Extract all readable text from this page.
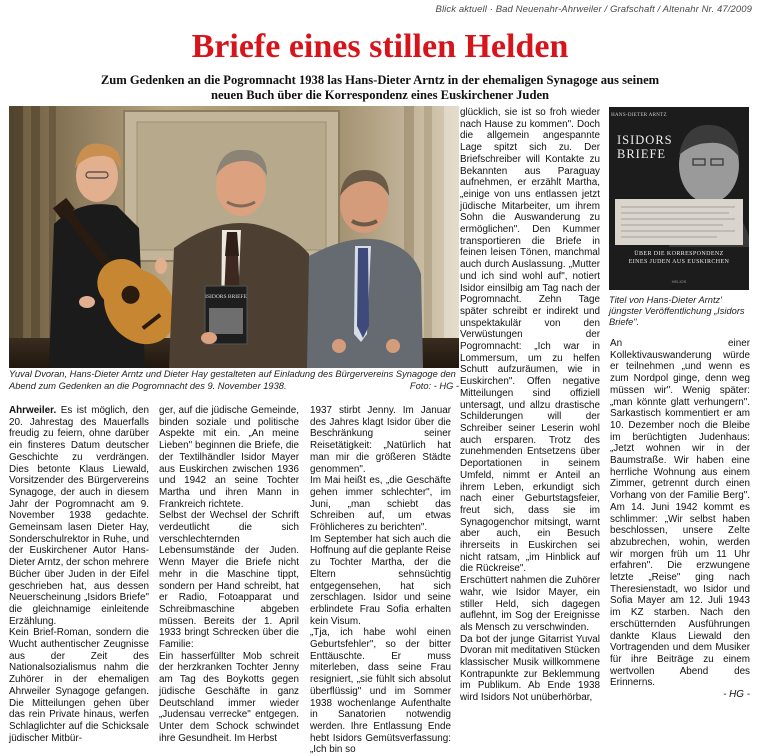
Blick aktuell · Bad Neuenahr-Ahrweiler / Grafschaft / Altenahr Nr. 47/2009
Briefe eines stillen Helden
Zum Gedenken an die Pogromnacht 1938 las Hans-Dieter Arntz in der ehemaligen Synagoge aus seinem neuen Buch über die Korrespondenz eines Euskirchener Juden
ISIDORS BRIEFE
Yuval Dvoran, Hans-Dieter Arntz und Dieter Hay gestalteten auf Einladung des Bürgervereins Synagoge den Abend zum Gedenken an die Pogromnacht des 9. November 1938.	Foto: - HG -

Ahrweiler. Es ist möglich, den 20. Jahrestag des Mauerfalls freudig zu feiern, ohne darüber ein finsteres Datum deutscher Geschichte zu verdrängen. Dies betonte Klaus Liewald, Vorsitzender des Bürgervereins Synagoge, der auch in diesem Jahr der Pogromnacht am 9. November 1938 gedachte. Gemeinsam lasen Dieter Hay, Sonderschulrektor in Ruhe, und der Euskirchener Autor Hans-Dieter Arntz, der schon mehrere Bücher über Juden in der Eifel geschrieben hat, aus dessen Neuerscheinung „Isidors Briefe" die gleichnamige einleitende Erzählung.

Kein Brief-Roman, sondern die Wucht authentischer Zeugnisse aus der Zeit des Nationalsozialismus nahm die Zuhörer in der ehemaligen Ahrweiler Synagoge gefangen. Die Mitteilungen gehen über das rein Private hinaus, werfen Schlaglichter auf die Schicksale jüdischer Mitbür-

ger, auf die jüdische Gemeinde, binden soziale und politische Aspekte mit ein. „An meine Lieben" beginnen die Briefe, die der Textilhändler Isidor Mayer aus Euskirchen zwischen 1936 und 1942 an seine Tochter Martha und ihren Mann in Frankreich richtete.

Selbst der Wechsel der Schrift verdeutlicht die sich verschlechternden Lebensumstände der Juden. Wenn Mayer die Briefe nicht mehr in die Maschine tippt, sondern per Hand schreibt, hat er Radio, Fotoapparat und Schreibmaschine abgeben müssen. Bereits der 1. April 1933 bringt Schrecken über die Familie:

Ein hasserfüllter Mob schreit der herzkranken Tochter Jenny am Tag des Boykotts gegen jüdische Geschäfte in ganz Deutschland immer wieder „Judensau verrecke" entgegen. Unter dem Schock schwindet ihre Gesundheit. Im Herbst

1937 stirbt Jenny. Im Januar des Jahres klagt Isidor über die Beschränkung seiner Reisetätigkeit: „Natürlich hat man mir die größeren Städte genommen".

Im Mai heißt es, „die Geschäfte gehen immer schlechter", im Juni, „man schiebt das Schreiben auf, um etwas Fröhlicheres zu berichten".

Im September hat sich auch die Hoffnung auf die geplante Reise zu Tochter Martha, der die Eltern sehnsüchtig entgegensehen, hat sich zerschlagen. Isidor und seine erblindete Frau Sofia erhalten kein Visum.

„Tja, ich habe wohl einen Geburtsfehler", so der bitter Enttäuschte. Er muss miterleben, dass seine Frau resigniert, „sie fühlt sich absolut überflüssig" und im Sommer 1938 wochenlange Aufenthalte in Sanatorien notwendig werden. Ihre Entlassung Ende hebt Isidors Gemütsverfassung: „Ich bin so

glücklich, sie ist so froh wieder nach Hause zu kommen". Doch die allgemein angespannte Lage spitzt sich zu. Der Briefschreiber will Kontakte zu Bekannten aus Paraguay aufnehmen, er erzählt Martha, „einige von uns entlassen jetzt jüdische Mitarbeiter, um ihrem Sohn die Auswanderung zu ermöglichen". Den Kummer transportieren die Briefe in feinen leisen Tönen, manchmal auch durch Auslassung. „Mutter und ich sind wohl auf", notiert Isidor einsilbig am Tag nach der Pogromnacht. Zehn Tage später schreibt er indirekt und unspektakulär von den Verwüstungen der Pogromnacht: „Ich war in Lommersum, um zu helfen Schutt aufzuräumen, wie in Euskirchen". Offen negative Mitteilungen sind offiziell untersagt, und allzu drastische Schilderungen will der Schreiber seiner Leserin wohl auch ersparen. Trotz des zunehmenden Entsetzens über Deportationen in seinem Umfeld, nimmt er Anteil an ihrem Leben, erkundigt sich nach einer Geburtstagsfeier, freut sich, dass sie im Synagogenchor mitsingt, warnt aber auch, ein Besuch ihrerseits in Euskirchen sei nicht ratsam, „im Hinblick auf die Rückreise".

Erschüttert nahmen die Zuhörer wahr, wie Isidor Mayer, ein stiller Held, sich dagegen auflehnt, im Sog der Ereignisse als Mensch zu verschwinden.

Da bot der junge Gitarrist Yuval Dvoran mit meditativen Stücken klassischer Musik willkommene Kontrapunkte zur Beklemmung im Publikum. Ab Ende 1938 wird Isidors Not unüberhörbar,

HANS-DIETER ARNTZ
ISIDORS
BRIEFE
ÜBER DIE KORRESPONDENZ
EINES JUDEN AUS EUSKIRCHEN
HELIOS
Titel von Hans-Dieter Arntz' jüngster Veröffentlichung „Isidors Briefe".

An einer Kollektivauswanderung würde er teilnehmen „und wenn es zum Nordpol ginge, denn weg müssen wir". Wenig später: „man könnte glatt verhungern". Sarkastisch kommentiert er am 10. Dezember noch die Bleibe im berüchtigten Judenhaus: „Jetzt wohnen wir in der Baumstraße. Wir haben eine herrliche Wohnung aus einem Zimmer, getrennt durch einen Vorhang von der Familie Berg". Am 14. Juni 1942 kommt es schlimmer: „Wir selbst haben beschlossen, unsere Zelte abzubrechen, wohin, werden wir morgen früh um 11 Uhr erfahren". Die erzwungene letzte „Reise" ging nach Theresienstadt, wo Isidor und Sofia Mayer am 12. Juli 1943 im KZ starben. Nach den erschütternden Ausführungen dankte Klaus Liewald den Vortragenden und dem Musiker für ihre Beiträge zu einem wertvollen Abend des Erinnerns.

- HG -
